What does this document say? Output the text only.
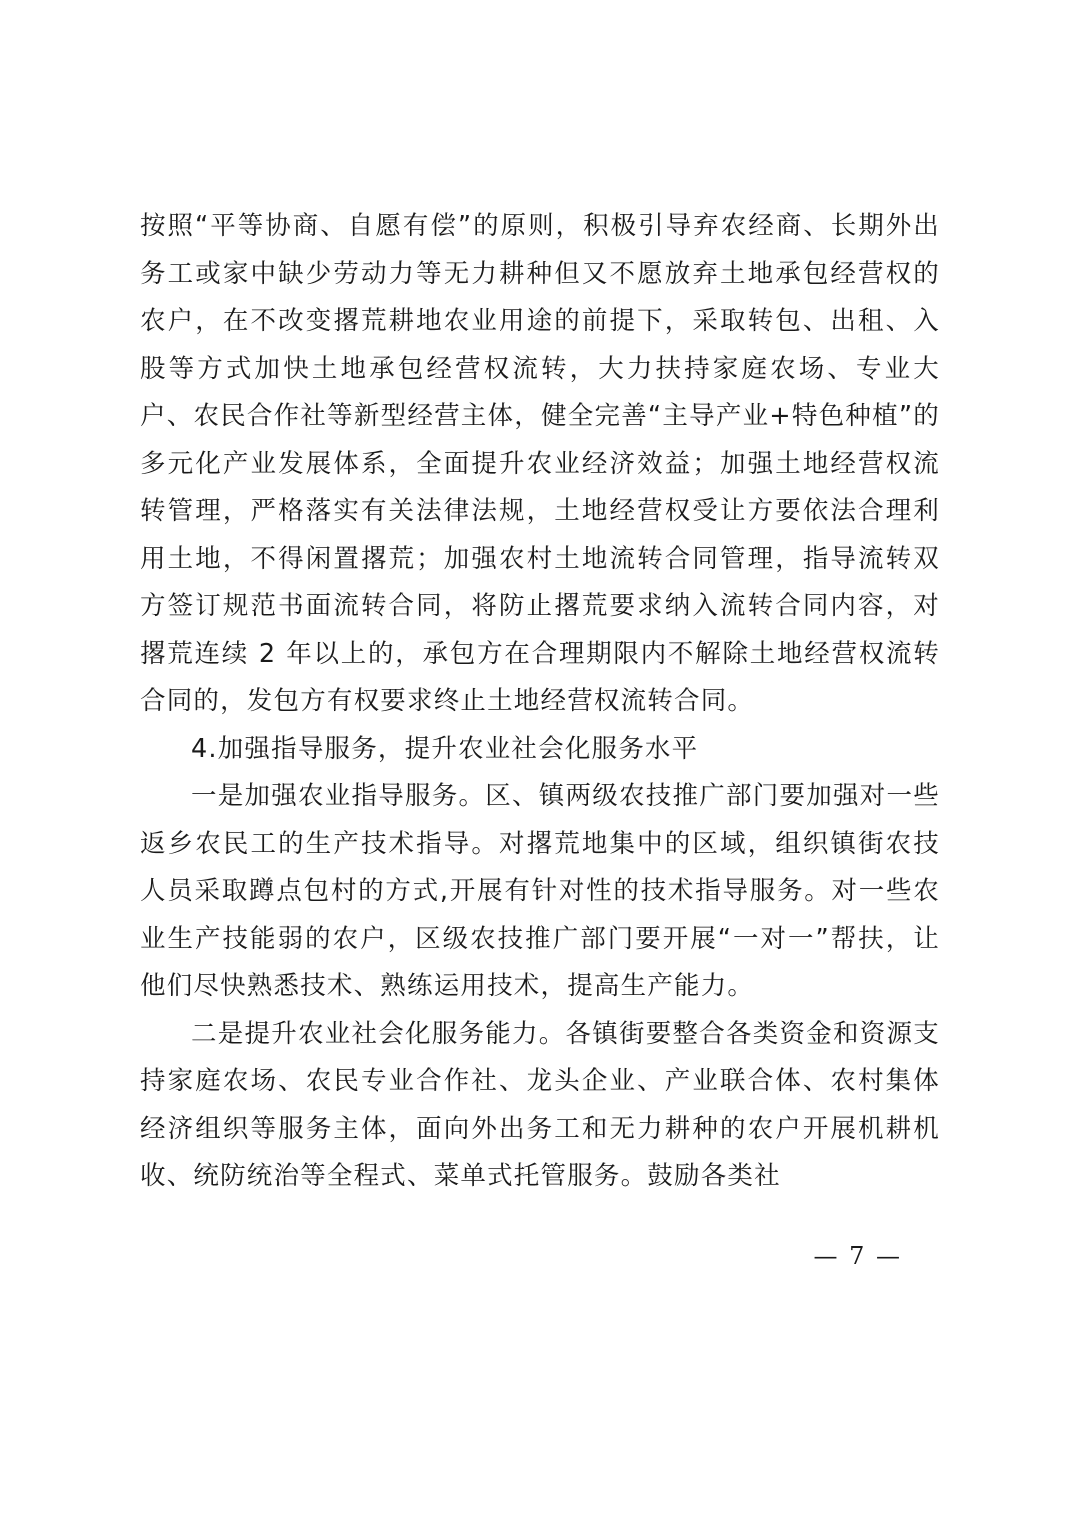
按照“平等协商、自愿有偿”的原则，积极引导弃农经商、长期外出务工或家中缺少劳动力等无力耕种但又不愿放弃土地承包经营权的农户，在不改变撂荒耕地农业用途的前提下，采取转包、出租、入股等方式加快土地承包经营权流转，大力扶持家庭农场、专业大户、农民合作社等新型经营主体，健全完善“主导产业+特色种植”的多元化产业发展体系，全面提升农业经济效益；加强土地经营权流转管理，严格落实有关法律法规，土地经营权受让方要依法合理利用土地，不得闲置撂荒；加强农村土地流转合同管理，指导流转双方签订规范书面流转合同，将防止撂荒要求纳入流转合同内容，对撂荒连续 2 年以上的，承包方在合理期限内不解除土地经营权流转合同的，发包方有权要求终止土地经营权流转合同。

4.加强指导服务，提升农业社会化服务水平

一是加强农业指导服务。区、镇两级农技推广部门要加强对一些返乡农民工的生产技术指导。对撂荒地集中的区域，组织镇街农技人员采取蹲点包村的方式,开展有针对性的技术指导服务。对一些农业生产技能弱的农户，区级农技推广部门要开展“一对一”帮扶，让他们尽快熟悉技术、熟练运用技术，提高生产能力。

二是提升农业社会化服务能力。各镇街要整合各类资金和资源支持家庭农场、农民专业合作社、龙头企业、产业联合体、农村集体经济组织等服务主体，面向外出务工和无力耕种的农户开展机耕机收、统防统治等全程式、菜单式托管服务。鼓励各类社

— 7 —
